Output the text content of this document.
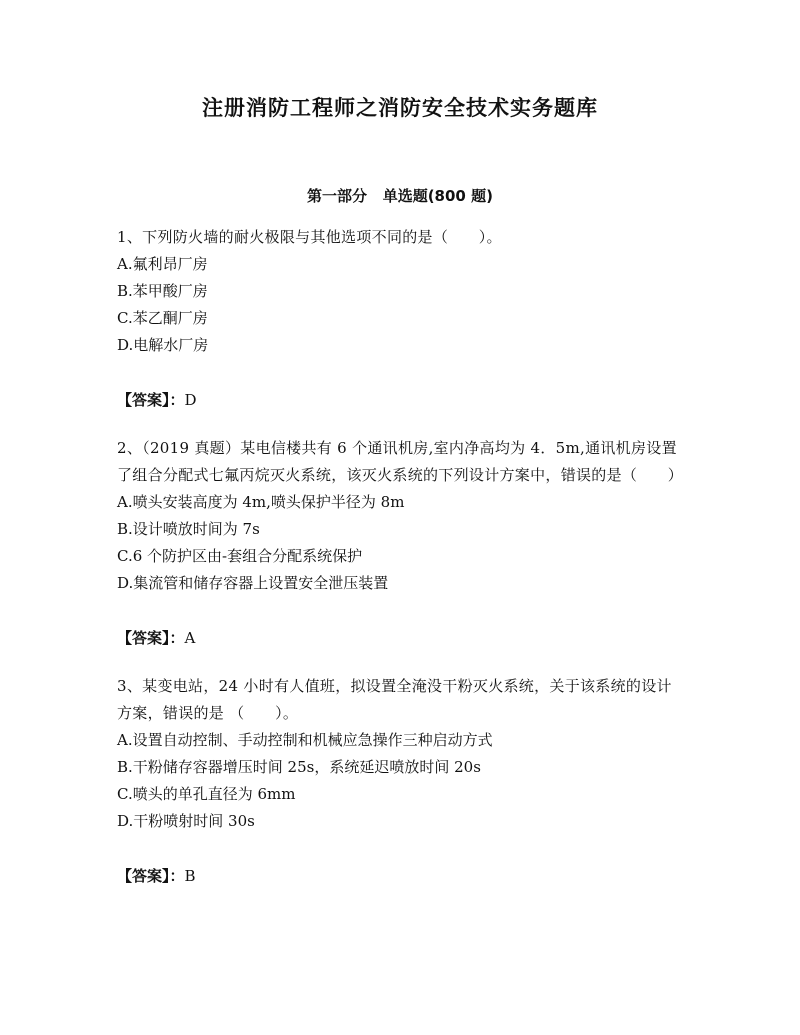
注册消防工程师之消防安全技术实务题库
第一部分   单选题(800 题)

1、下列防火墙的耐火极限与其他选项不同的是（　　）。

A.氟利昂厂房

B.苯甲酸厂房

C.苯乙酮厂房

D.电解水厂房

【答案】：D

2、（2019 真题）某电信楼共有 6 个通讯机房,室内净高均为 4．5m,通讯机房设置了组合分配式七氟丙烷灭火系统，该灭火系统的下列设计方案中，错误的是（　　）

A.喷头安装高度为 4m,喷头保护半径为 8m

B.设计喷放时间为 7s

C.6 个防护区由-套组合分配系统保护

D.集流管和储存容器上设置安全泄压装置

【答案】：A

3、某变电站，24 小时有人值班，拟设置全淹没干粉灭火系统，关于该系统的设计方案，错误的是 （　　）。

A.设置自动控制、手动控制和机械应急操作三种启动方式

B.干粉储存容器增压时间 25s，系统延迟喷放时间 20s

C.喷头的单孔直径为 6mm

D.干粉喷射时间 30s

【答案】：B
